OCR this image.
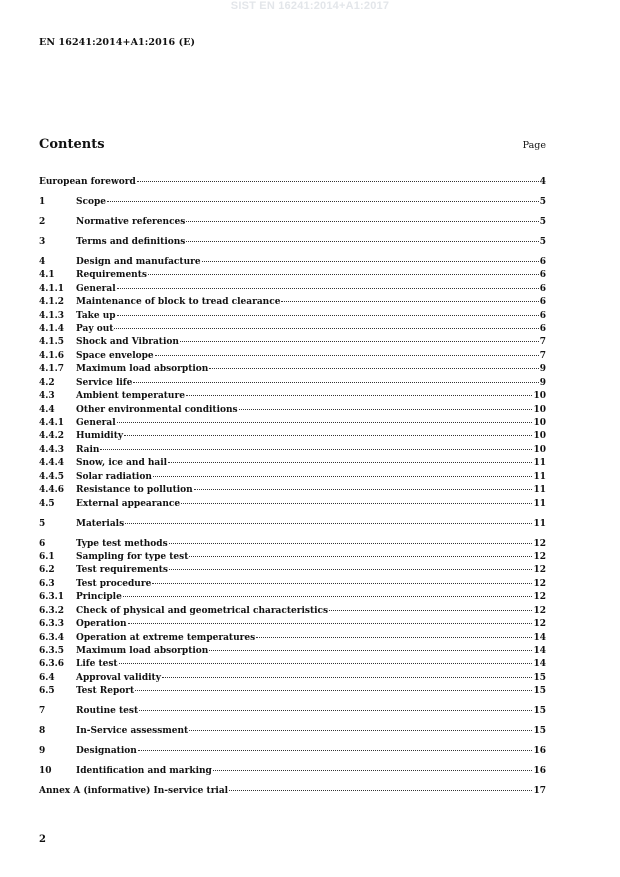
SIST EN 16241:2014+A1:2017
EN 16241:2014+A1:2016 (E)
Contents	Page
European foreword	4
1	Scope	5
2	Normative references	5
3	Terms and definitions	5
4	Design and manufacture	6
4.1	Requirements	6
4.1.1	General	6
4.1.2	Maintenance of block to tread clearance	6
4.1.3	Take up	6
4.1.4	Pay out	6
4.1.5	Shock and Vibration	7
4.1.6	Space envelope	7
4.1.7	Maximum load absorption	9
4.2	Service life	9
4.3	Ambient temperature	10
4.4	Other environmental conditions	10
4.4.1	General	10
4.4.2	Humidity	10
4.4.3	Rain	10
4.4.4	Snow, ice and hail	11
4.4.5	Solar radiation	11
4.4.6	Resistance to pollution	11
4.5	External appearance	11
5	Materials	11
6	Type test methods	12
6.1	Sampling for type test	12
6.2	Test requirements	12
6.3	Test procedure	12
6.3.1	Principle	12
6.3.2	Check of physical and geometrical characteristics	12
6.3.3	Operation	12
6.3.4	Operation at extreme temperatures	14
6.3.5	Maximum load absorption	14
6.3.6	Life test	14
6.4	Approval validity	15
6.5	Test Report	15
7	Routine test	15
8	In-Service assessment	15
9	Designation	16
10	Identification and marking	16
Annex A (informative) In-service trial	17
2
